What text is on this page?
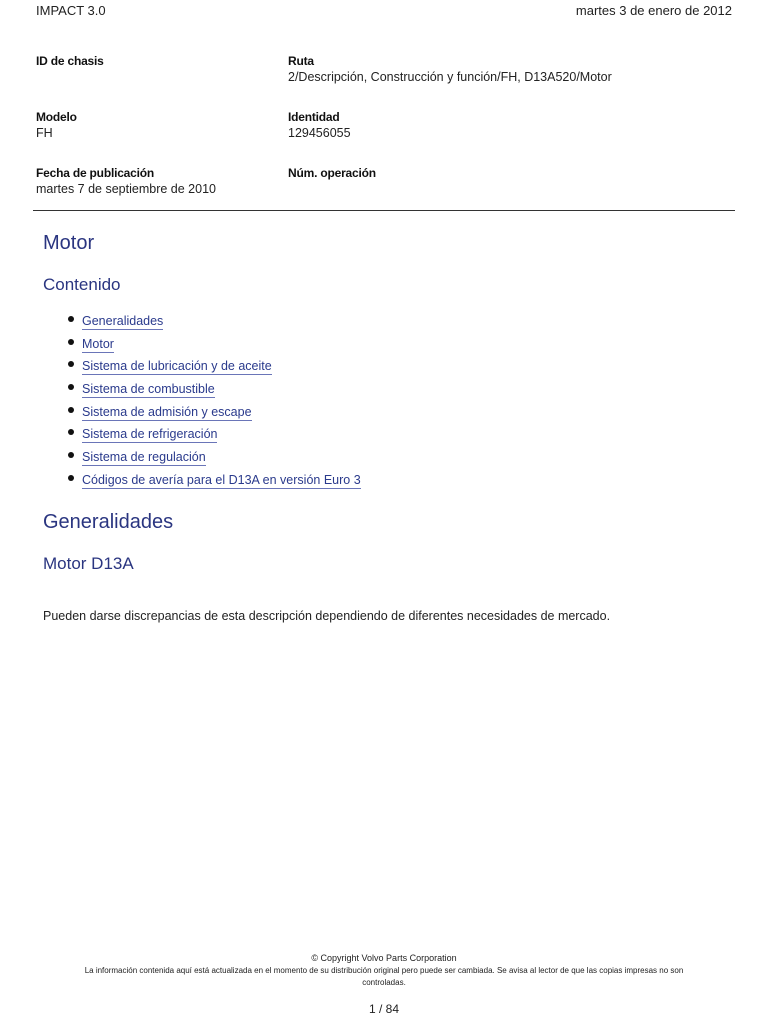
IMPACT 3.0	martes 3 de enero de 2012
ID de chasis	Ruta
2/Descripción, Construcción y función/FH, D13A520/Motor
Modelo
FH
Identidad
129456055
Fecha de publicación
martes 7 de septiembre de 2010
Núm. operación
Motor
Contenido
Generalidades
Motor
Sistema de lubricación y de aceite
Sistema de combustible
Sistema de admisión y escape
Sistema de refrigeración
Sistema de regulación
Códigos de avería para el D13A en versión Euro 3
Generalidades
Motor D13A
Pueden darse discrepancias de esta descripción dependiendo de diferentes necesidades de mercado.
© Copyright Volvo Parts Corporation
La información contenida aquí está actualizada en el momento de su distribución original pero puede ser cambiada. Se avisa al lector de que las copias impresas no son
controladas.
1 / 84
